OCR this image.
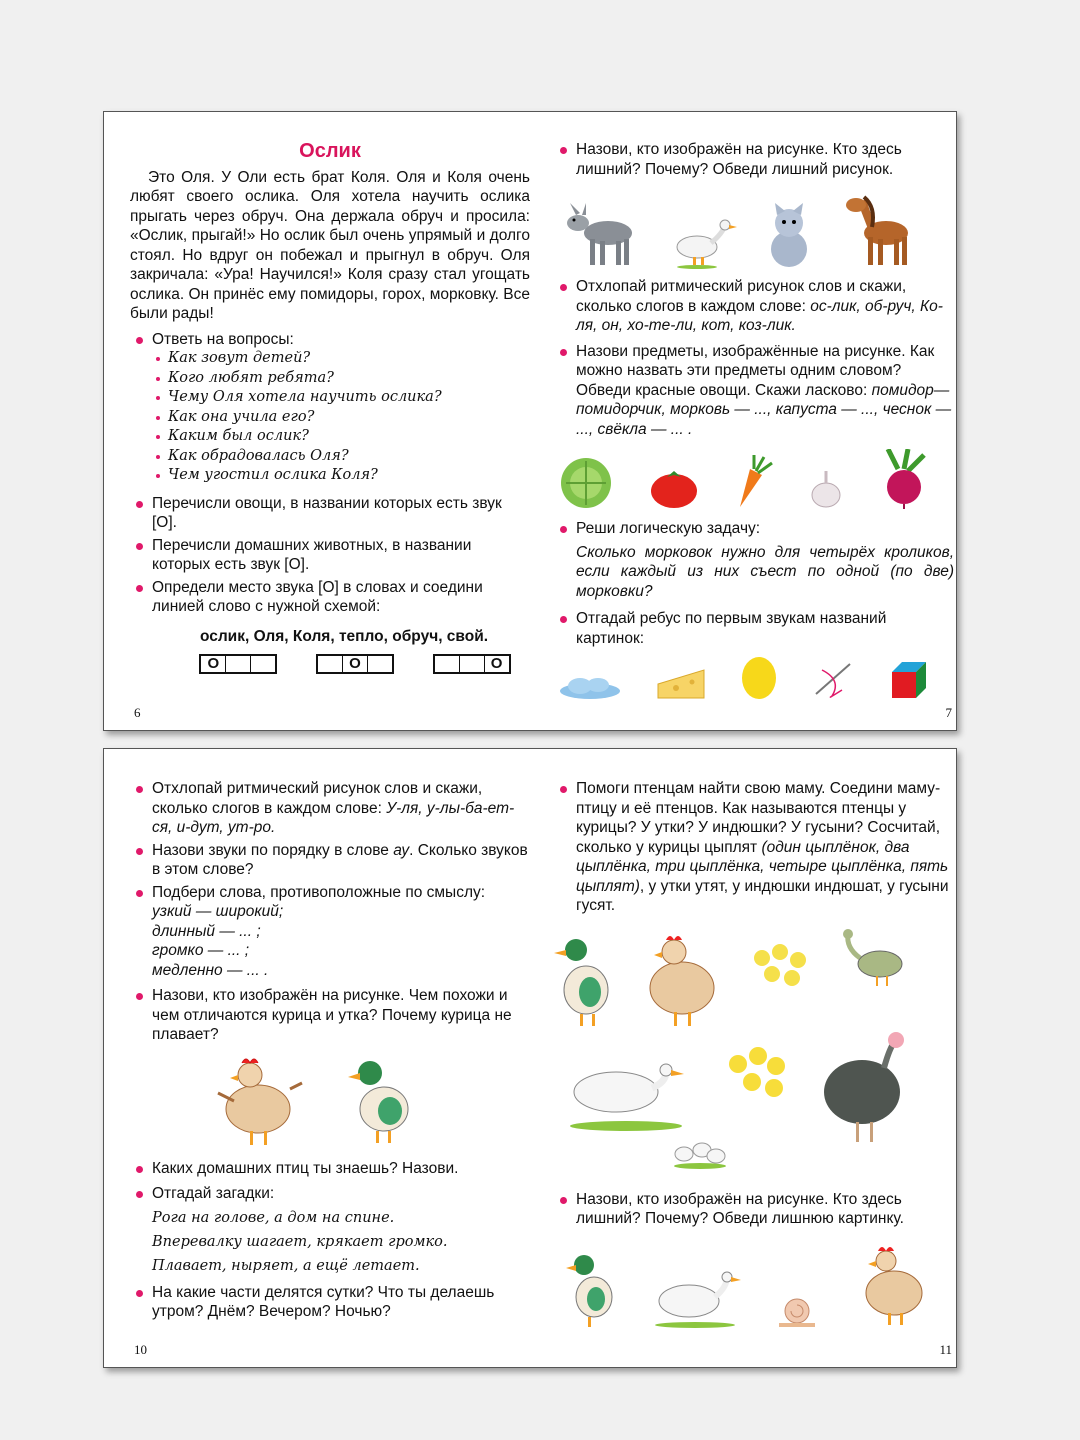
Ослик

Это Оля. У Оли есть брат Коля. Оля и Коля очень любят своего ослика. Оля хотела научить ослика прыгать через обруч. Она держала обруч и просила: «Ослик, прыгай!» Но ослик был очень упрямый и долго стоял. Но вдруг он побежал и прыгнул в обруч. Оля закричала: «Ура! Научился!» Коля сразу стал угощать ослика. Он принёс ему помидоры, горох, морковку. Все были рады!

Ответь на вопросы:
Как зовут детей?
Кого любят ребята?
Чему Оля хотела научить ослика?
Как она учила его?
Каким был ослик?
Как обрадовалась Оля?
Чем угостил ослика Коля?
Перечисли овощи, в названии которых есть звук [О].
Перечисли домашних животных, в названии которых есть звук [О].
Определи место звука [О] в словах и соедини линией слово с нужной схемой:
ослик, Оля, Коля, тепло, обруч, свой.
О	О	О
6
Назови, кто изображён на рисунке. Кто здесь лишний? Почему? Обведи лишний рисунок.
Отхлопай ритмический рисунок слов и скажи, сколько слогов в каждом слове: ос-лик, об-руч, Ко-ля, он, хо-те-ли, кот, коз-лик.
Назови предметы, изображённые на рисунке. Как можно назвать эти предметы одним словом? Обведи красные овощи. Скажи ласково: помидор— помидорчик, морковь — ..., капуста — ..., чеснок — ..., свёкла — ... .
Реши логическую задачу:
Сколько морковок нужно для четырёх кроликов, если каждый из них съест по одной (по две) морковки?
Отгадай ребус по первым звукам названий картинок:
7
Отхлопай ритмический рисунок слов и скажи, сколько слогов в каждом слове: У-ля, у-лы-ба-ет-ся, и-дут, ут-ро.
Назови звуки по порядку в слове ау. Сколько звуков в этом слове?
Подбери слова, противоположные по смыслу:
узкий — широкий;
длинный — ... ;
громко — ... ;
медленно — ... .
Назови, кто изображён на рисунке. Чем похожи и чем отличаются курица и утка? Почему курица не плавает?
Каких домашних птиц ты знаешь? Назови.
Отгадай загадки:
Рога на голове, а дом на спине.
Вперевалку шагает, крякает громко.
Плавает, ныряет, а ещё летает.
На какие части делятся сутки? Что ты делаешь утром? Днём? Вечером? Ночью?
10
Помоги птенцам найти свою маму. Соедини маму-птицу и её птенцов. Как называются птенцы у курицы? У утки? У индюшки? У гусыни? Сосчитай, сколько у курицы цыплят (один цыплёнок, два цыплёнка, три цыплёнка, четыре цыплёнка, пять цыплят), у утки утят, у индюшки индюшат, у гусыни гусят.
Назови, кто изображён на рисунке. Кто здесь лишний? Почему? Обведи лишнюю картинку.
11
